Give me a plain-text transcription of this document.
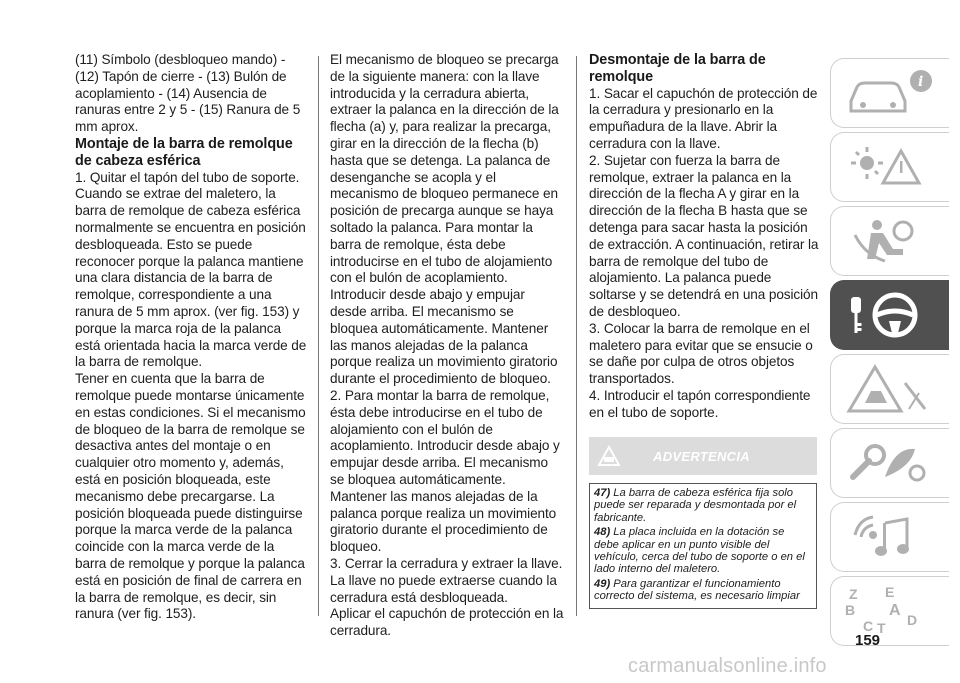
(11) Símbolo (desbloqueo mando) - (12) Tapón de cierre - (13) Bulón de acoplamiento - (14) Ausencia de ranuras entre 2 y 5 - (15) Ranura de 5 mm aprox.

Montaje de la barra de remolque de cabeza esférica

1. Quitar el tapón del tubo de soporte. Cuando se extrae del maletero, la barra de remolque de cabeza esférica normalmente se encuentra en posición desbloqueada. Esto se puede reconocer porque la palanca mantiene una clara distancia de la barra de remolque, correspondiente a una ranura de 5 mm aprox. (ver fig. 153) y porque la marca roja de la palanca está orientada hacia la marca verde de la barra de remolque.

Tener en cuenta que la barra de remolque puede montarse únicamente en estas condiciones. Si el mecanismo de bloqueo de la barra de remolque se desactiva antes del montaje o en cualquier otro momento y, además, está en posición bloqueada, este mecanismo debe precargarse. La posición bloqueada puede distinguirse porque la marca verde de la palanca coincide con la marca verde de la barra de remolque y porque la palanca está en posición de final de carrera en la barra de remolque, es decir, sin ranura (ver fig. 153).

El mecanismo de bloqueo se precarga de la siguiente manera: con la llave introducida y la cerradura abierta, extraer la palanca en la dirección de la flecha (a) y, para realizar la precarga, girar en la dirección de la flecha (b) hasta que se detenga. La palanca de desenganche se acopla y el mecanismo de bloqueo permanece en posición de precarga aunque se haya soltado la palanca. Para montar la barra de remolque, ésta debe introducirse en el tubo de alojamiento con el bulón de acoplamiento.

Introducir desde abajo y empujar desde arriba. El mecanismo se bloquea automáticamente. Mantener las manos alejadas de la palanca porque realiza un movimiento giratorio durante el procedimiento de bloqueo.

2. Para montar la barra de remolque, ésta debe introducirse en el tubo de alojamiento con el bulón de acoplamiento. Introducir desde abajo y empujar desde arriba. El mecanismo se bloquea automáticamente. Mantener las manos alejadas de la palanca porque realiza un movimiento giratorio durante el procedimiento de bloqueo.

3. Cerrar la cerradura y extraer la llave. La llave no puede extraerse cuando la cerradura está desbloqueada.

Aplicar el capuchón de protección en la cerradura.

Desmontaje de la barra de remolque

1. Sacar el capuchón de protección de la cerradura y presionarlo en la empuñadura de la llave. Abrir la cerradura con la llave.

2. Sujetar con fuerza la barra de remolque, extraer la palanca en la dirección de la flecha A y girar en la dirección de la flecha B hasta que se detenga para sacar hasta la posición de extracción. A continuación, retirar la barra de remolque del tubo de alojamiento. La palanca puede soltarse y se detendrá en una posición de desbloqueo.

3. Colocar la barra de remolque en el maletero para evitar que se ensucie o se dañe por culpa de otros objetos transportados.

4. Introducir el tapón correspondiente en el tubo de soporte.

ADVERTENCIA

47) La barra de cabeza esférica fija solo puede ser reparada y desmontada por el fabricante.

48) La placa incluida en la dotación se debe aplicar en un punto visible del vehículo, cerca del tubo de soporte o en el lado interno del maletero.

49) Para garantizar el funcionamiento correcto del sistema, es necesario limpiar

i
Z E
B A
C T D
159
carmanualsonline.info
